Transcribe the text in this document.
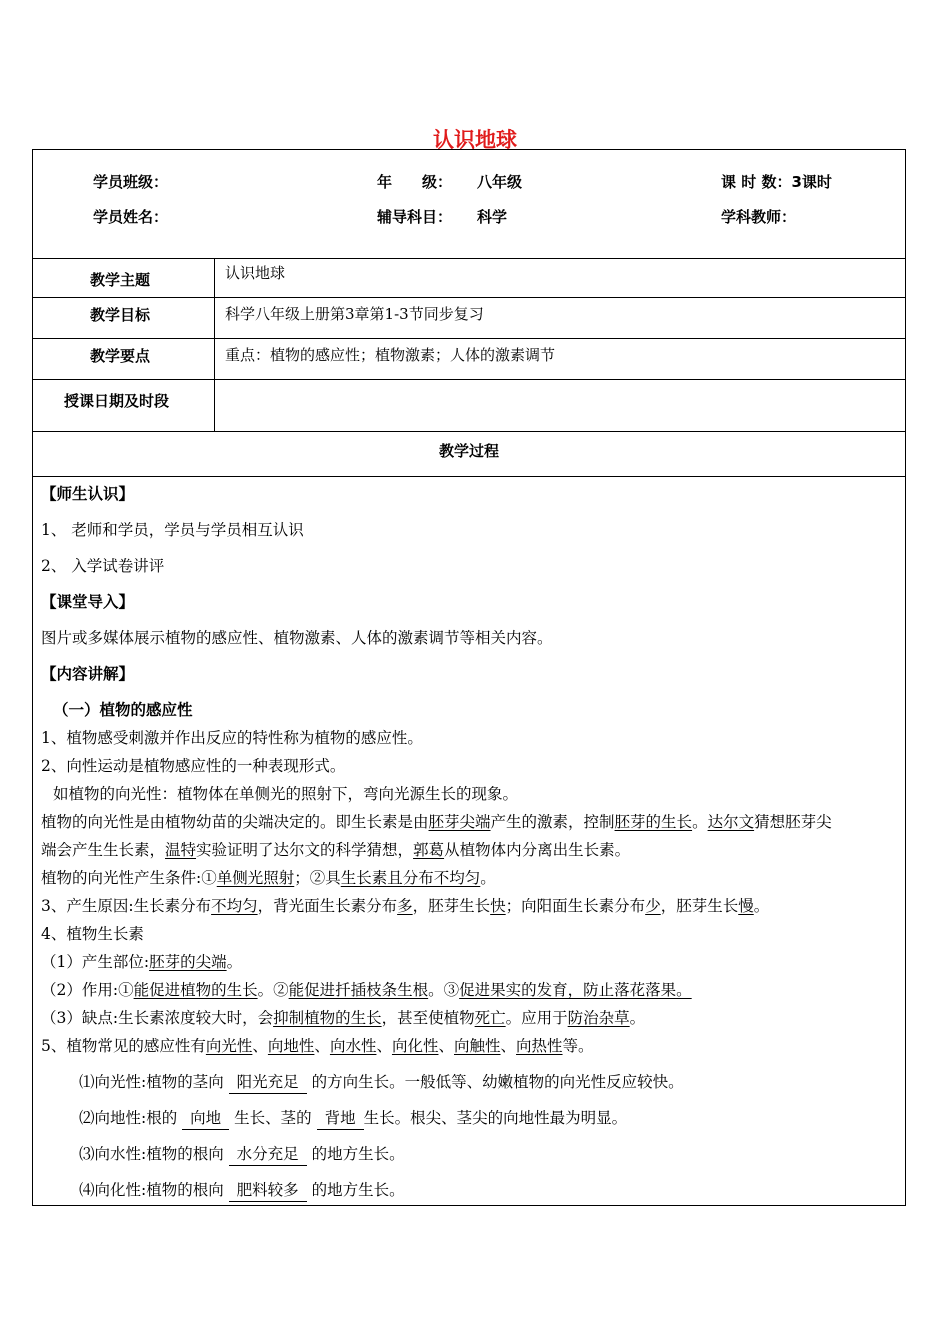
认识地球
学员班级：	年　　级： 八年级	课 时 数：3课时
学员姓名：	辅导科目： 科学	学科教师：
教学主题	认识地球
教学目标	科学八年级上册第3章第1-3节同步复习
教学要点	重点：植物的感应性；植物激素；人体的激素调节
授课日期及时段
教学过程

【师生认识】

1、 老师和学员，学员与学员相互认识

2、 入学试卷讲评

【课堂导入】

图片或多媒体展示植物的感应性、植物激素、人体的激素调节等相关内容。

【内容讲解】

（一）植物的感应性

1、植物感受刺激并作出反应的特性称为植物的感应性。

2、向性运动是植物感应性的一种表现形式。

如植物的向光性：植物体在单侧光的照射下，弯向光源生长的现象。

植物的向光性是由植物幼苗的尖端决定的。即生长素是由胚芽尖端产生的激素，控制胚芽的生长。达尔文猜想胚芽尖

端会产生生长素，温特实验证明了达尔文的科学猜想，郭葛从植物体内分离出生长素。

植物的向光性产生条件:①单侧光照射；②具生长素且分布不均匀。

3、产生原因:生长素分布不均匀，背光面生长素分布多，胚芽生长快；向阳面生长素分布少，胚芽生长慢。

4、植物生长素

（1）产生部位:胚芽的尖端。

（2）作用:①能促进植物的生长。②能促进扦插枝条生根。③促进果实的发育，防止落花落果。

（3）缺点:生长素浓度较大时，会抑制植物的生长，甚至使植物死亡。应用于防治杂草。

5、植物常见的感应性有向光性、向地性、向水性、向化性、向触性、向热性等。

⑴向光性:植物的茎向 阳光充足 的方向生长。一般低等、幼嫩植物的向光性反应较快。

⑵向地性:根的 向地 生长、茎的 背地 生长。根尖、茎尖的向地性最为明显。

⑶向水性:植物的根向 水分充足 的地方生长。

⑷向化性:植物的根向 肥料较多 的地方生长。
